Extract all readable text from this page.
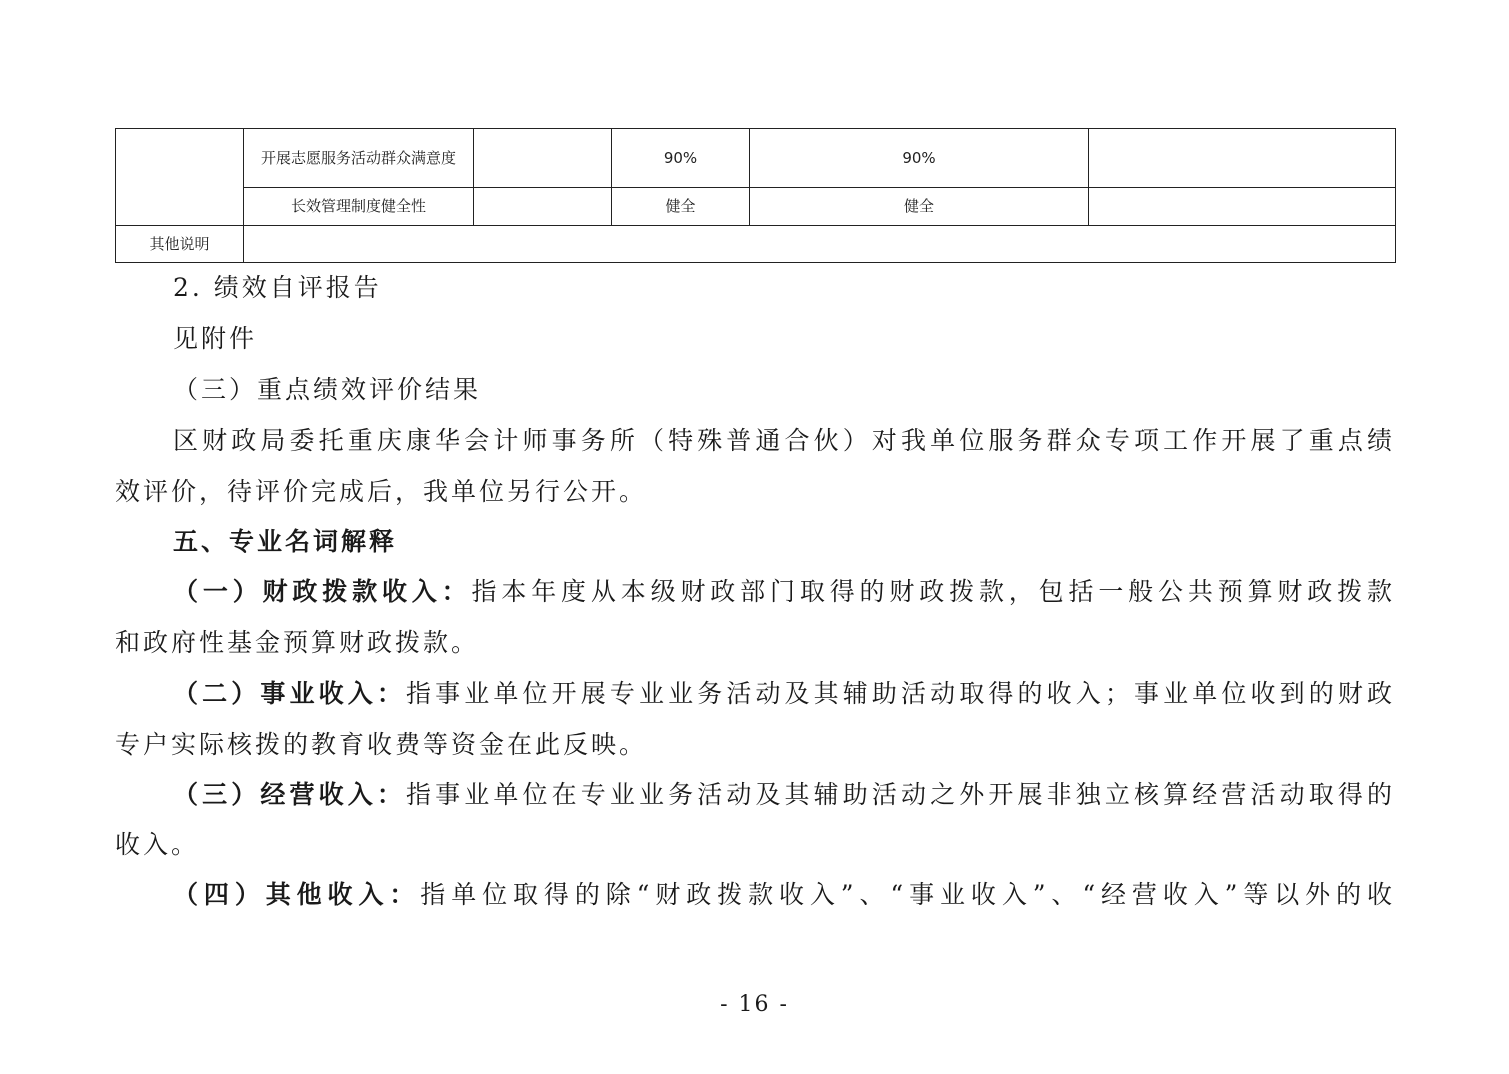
	开展志愿服务活动群众满意度		90%	90%	
	长效管理制度健全性		健全	健全	
其他说明					

2. 绩效自评报告

见附件

（三）重点绩效评价结果

区财政局委托重庆康华会计师事务所（特殊普通合伙）对我单位服务群众专项工作开展了重点绩

效评价，待评价完成后，我单位另行公开。

五、专业名词解释

（一）财政拨款收入：指本年度从本级财政部门取得的财政拨款，包括一般公共预算财政拨款

和政府性基金预算财政拨款。

（二）事业收入：指事业单位开展专业业务活动及其辅助活动取得的收入；事业单位收到的财政

专户实际核拨的教育收费等资金在此反映。

（三）经营收入：指事业单位在专业业务活动及其辅助活动之外开展非独立核算经营活动取得的

收入。

（四）其他收入：指单位取得的除“财政拨款收入”、“事业收入”、“经营收入”等以外的收

- 16 -
